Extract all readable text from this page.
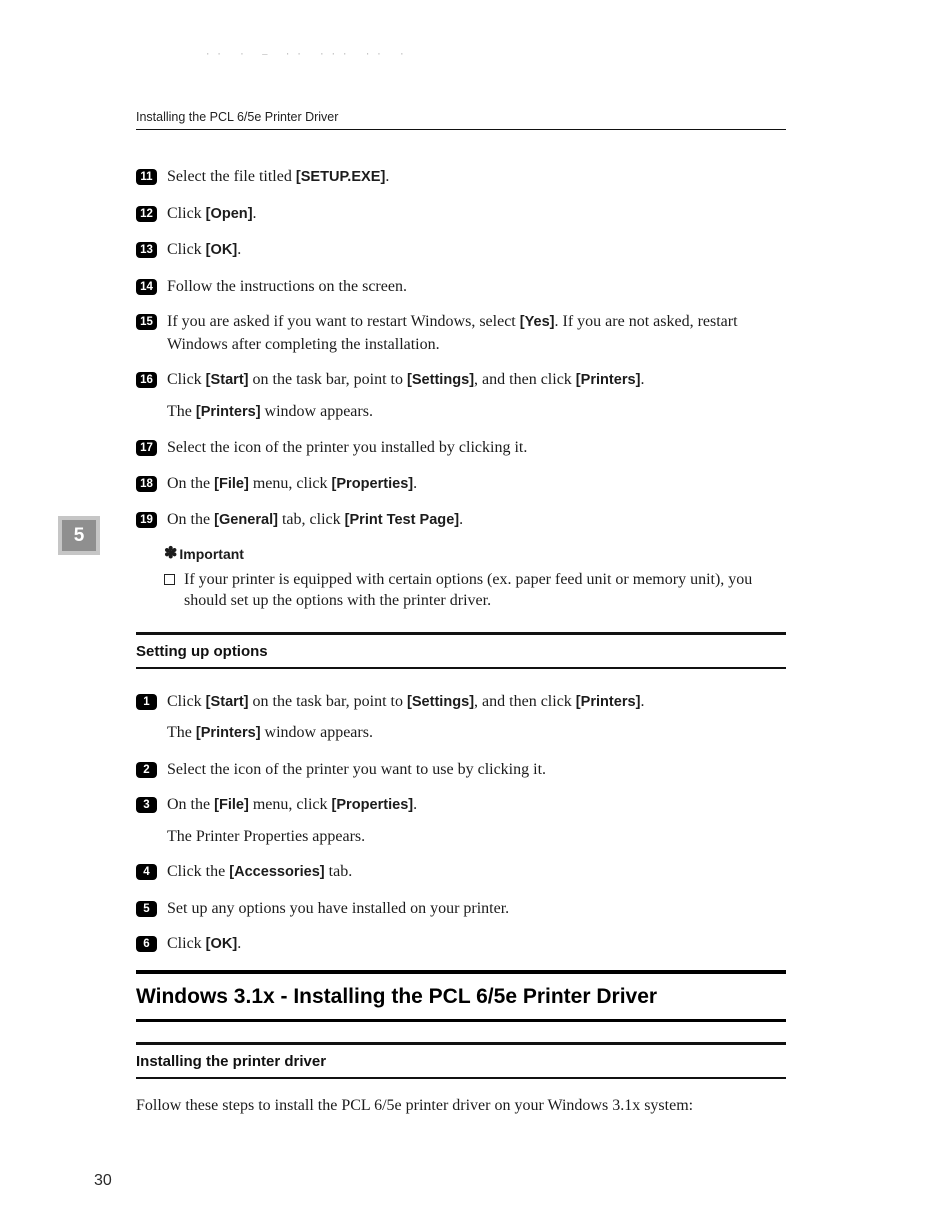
·· · – ·· ··· ·· ·
Installing the PCL 6/5e Printer Driver
5
11 Select the file titled [SETUP.EXE].
12 Click [Open].
13 Click [OK].
14 Follow the instructions on the screen.
15 If you are asked if you want to restart Windows, select [Yes]. If you are not asked, restart Windows after completing the installation.
16 Click [Start] on the task bar, point to [Settings], and then click [Printers].
The [Printers] window appears.
17 Select the icon of the printer you installed by clicking it.
18 On the [File] menu, click [Properties].
19 On the [General] tab, click [Print Test Page].
✽ Important
If your printer is equipped with certain options (ex. paper feed unit or memory unit), you should set up the options with the printer driver.
Setting up options
1	Click [Start] on the task bar, point to [Settings], and then click [Printers].
The [Printers] window appears.
2	Select the icon of the printer you want to use by clicking it.
3	On the [File] menu, click [Properties].
The Printer Properties appears.
4	Click the [Accessories] tab.
5	Set up any options you have installed on your printer.
6	Click [OK].
Windows 3.1x - Installing the PCL 6/5e Printer Driver
Installing the printer driver
Follow these steps to install the PCL 6/5e printer driver on your Windows 3.1x system:
30
